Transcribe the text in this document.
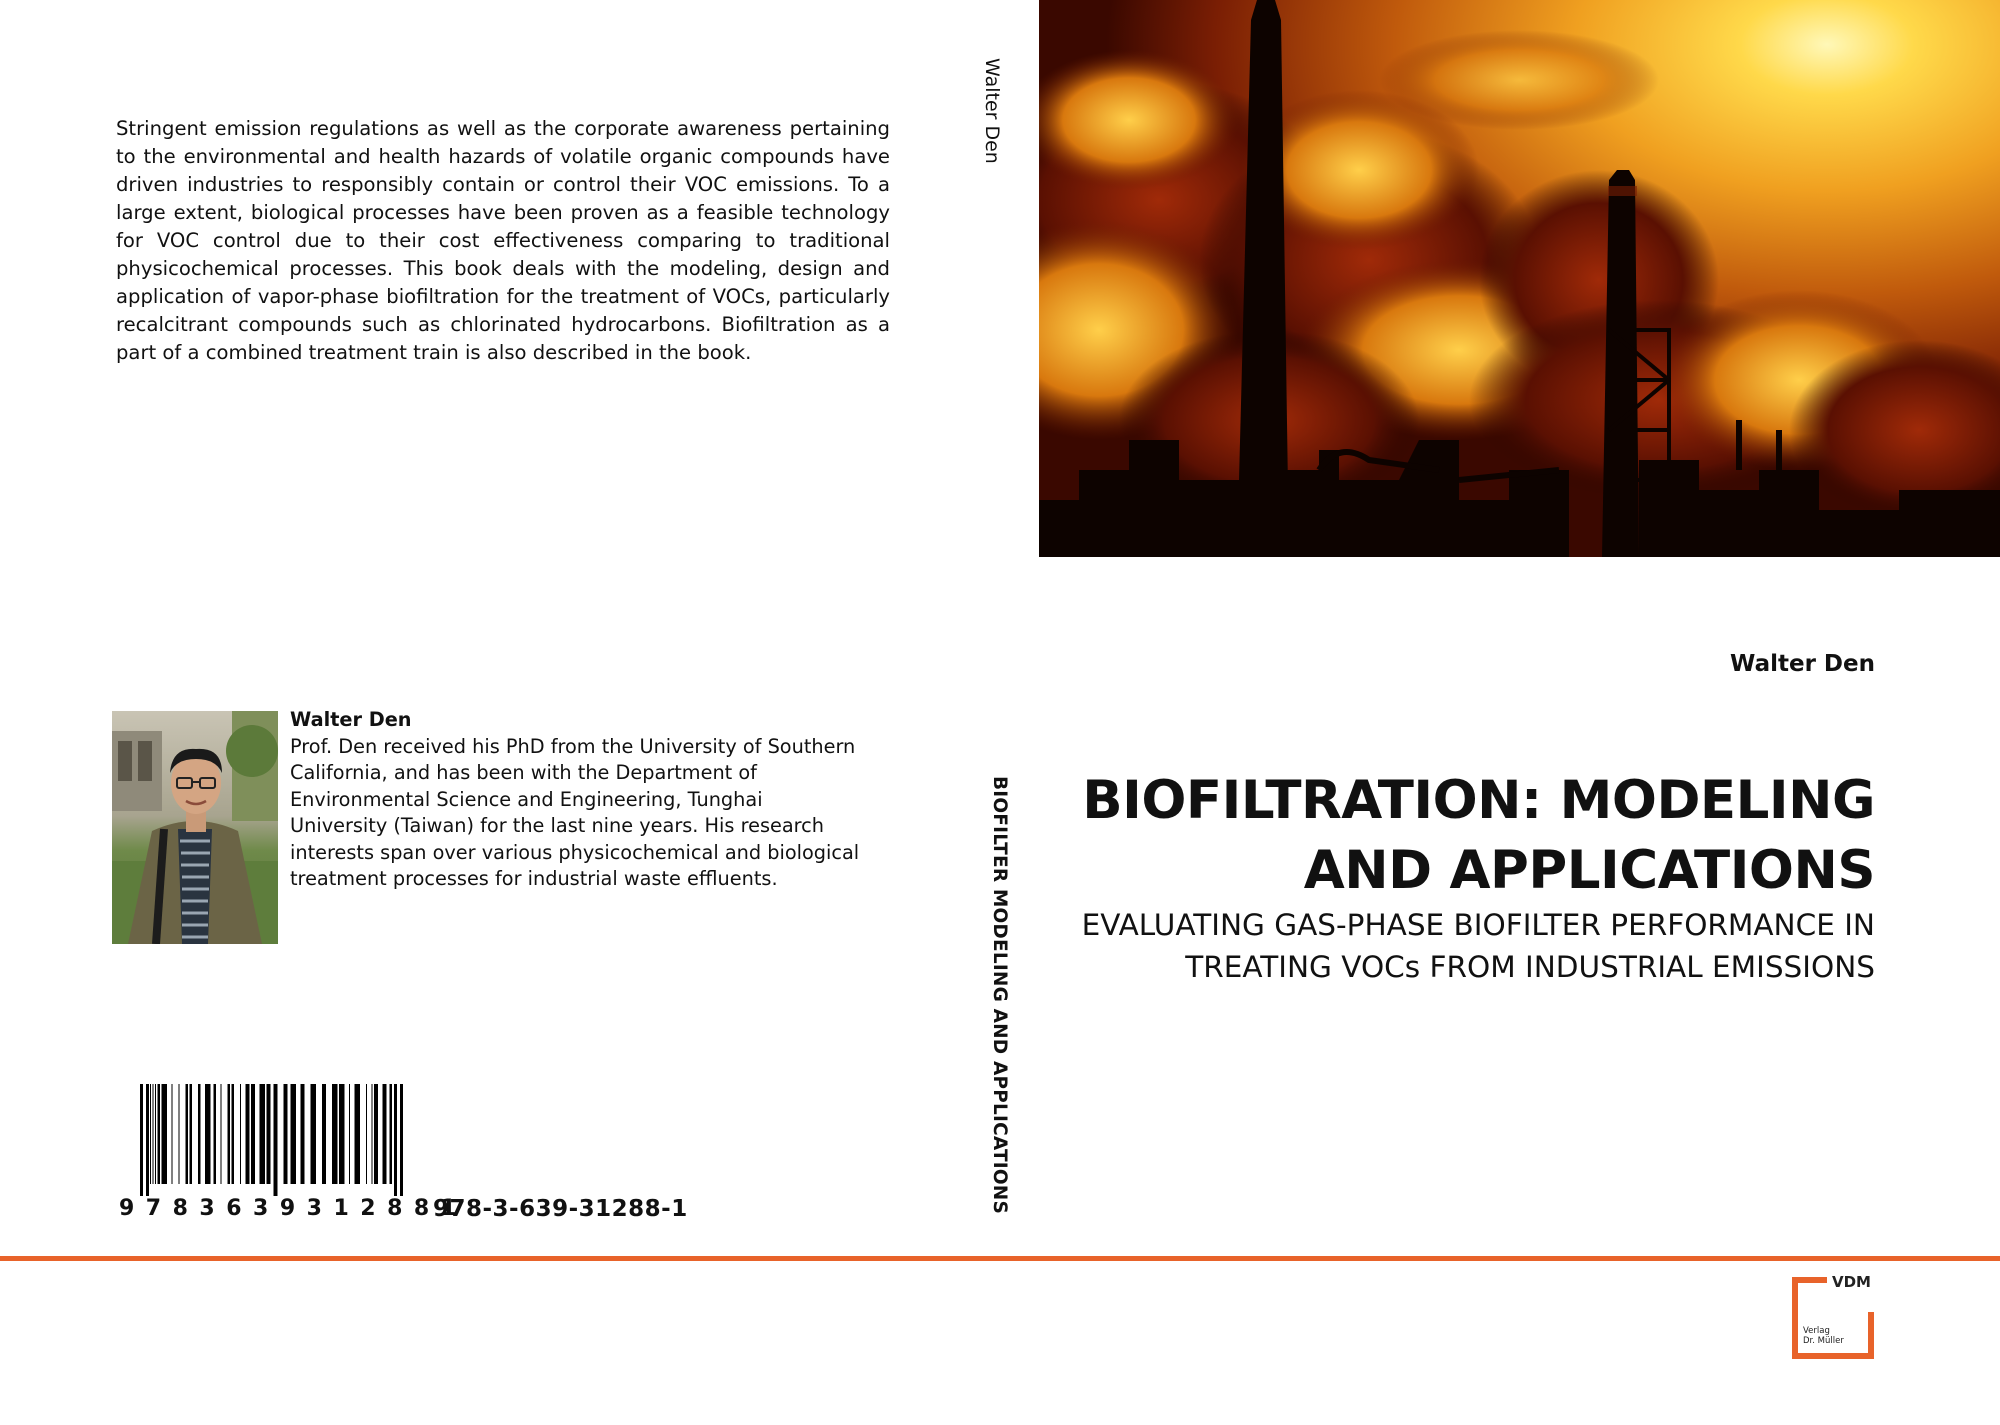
Stringent emission regulations as well as the corporate awareness pertaining to the environmental and health hazards of volatile organic compounds have driven industries to responsibly contain or control their VOC emissions. To a large extent, biological processes have been proven as a feasible technology for VOC control due to their cost effectiveness comparing to traditional physicochemical processes. This book deals with the modeling, design and application of vapor-phase biofiltration for the treatment of VOCs, particularly recalcitrant compounds such as chlorinated hydrocarbons. Biofiltration as a part of a combined treatment train is also described in the book.
Walter Den
Prof. Den received his PhD from the University of Southern California, and has been with the Department of Environmental Science and Engineering, Tunghai University (Taiwan) for the last nine years. His research interests span over various physicochemical and biological treatment processes for industrial waste effluents.
9783639312881
978-3-639-31288-1
Walter Den
BIOFILTER MODELING AND APPLICATIONS
Walter Den
BIOFILTRATION: MODELING AND APPLICATIONS
EVALUATING GAS-PHASE BIOFILTER PERFORMANCE IN TREATING VOCs FROM INDUSTRIAL EMISSIONS
VDM
Verlag
Dr. Müller
